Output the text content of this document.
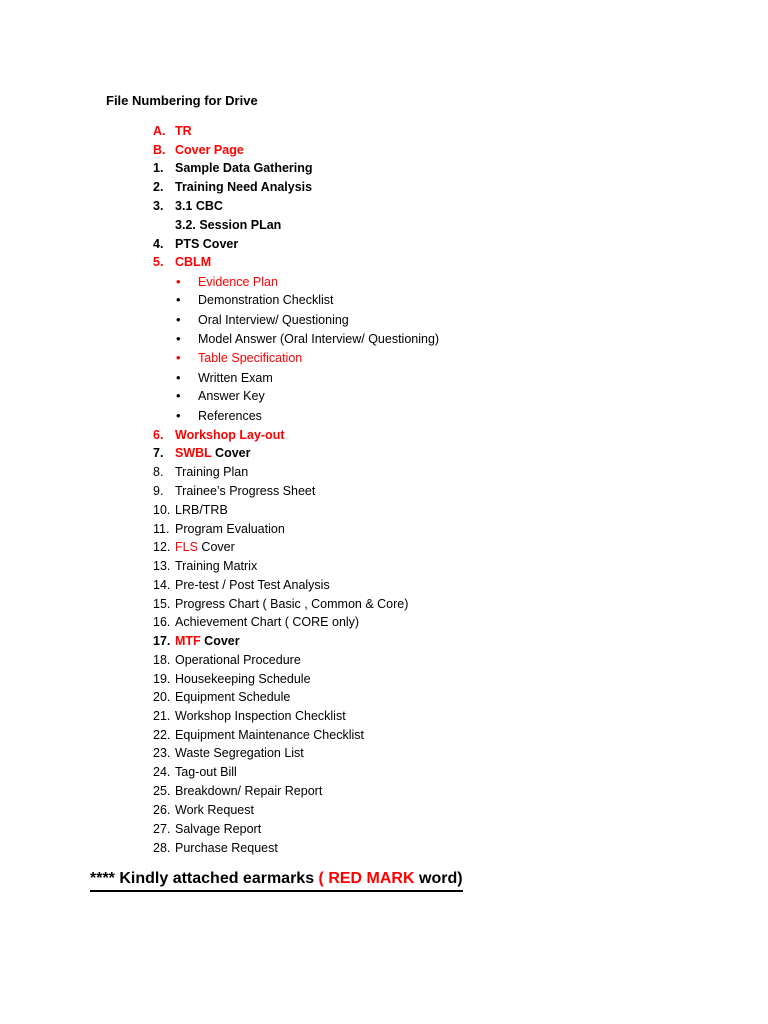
File Numbering for Drive
A. TR
B. Cover Page
1. Sample Data Gathering
2. Training Need Analysis
3. 3.1 CBC
3.2. Session PLan
4. PTS Cover
5. CBLM
• Evidence Plan
• Demonstration Checklist
• Oral Interview/ Questioning
• Model Answer (Oral Interview/ Questioning)
• Table Specification
• Written Exam
• Answer Key
• References
6. Workshop Lay-out
7. SWBL Cover
8. Training Plan
9. Trainee’s Progress Sheet
10. LRB/TRB
11. Program Evaluation
12. FLS Cover
13. Training Matrix
14. Pre-test / Post Test Analysis
15. Progress Chart ( Basic , Common & Core)
16. Achievement Chart ( CORE only)
17. MTF Cover
18. Operational Procedure
19. Housekeeping Schedule
20. Equipment Schedule
21. Workshop Inspection Checklist
22. Equipment Maintenance Checklist
23. Waste Segregation List
24. Tag-out Bill
25. Breakdown/ Repair Report
26. Work Request
27. Salvage Report
28. Purchase Request
**** Kindly attached earmarks ( RED MARK word)
